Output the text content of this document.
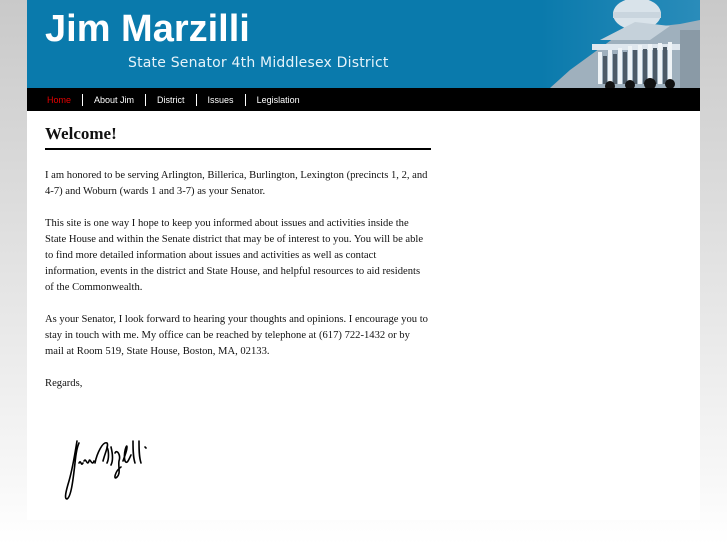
Jim Marzilli
State Senator 4th Middlesex District
Home	About Jim	District	Issues	Legislation
Welcome!

I am honored to be serving Arlington, Billerica, Burlington, Lexington (precincts 1, 2, and 4-7) and Woburn (wards 1 and 3-7) as your Senator.

This site is one way I hope to keep you informed about issues and activities inside the State House and within the Senate district that may be of interest to you. You will be able to find more detailed information about issues and activities as well as contact information, events in the district and State House, and helpful resources to aid residents of the Commonwealth.

As your Senator, I look forward to hearing your thoughts and opinions. I encourage you to stay in touch with me. My office can be reached by telephone at (617) 722-1432 or by mail at Room 519, State House, Boston, MA, 02133.

Regards,
